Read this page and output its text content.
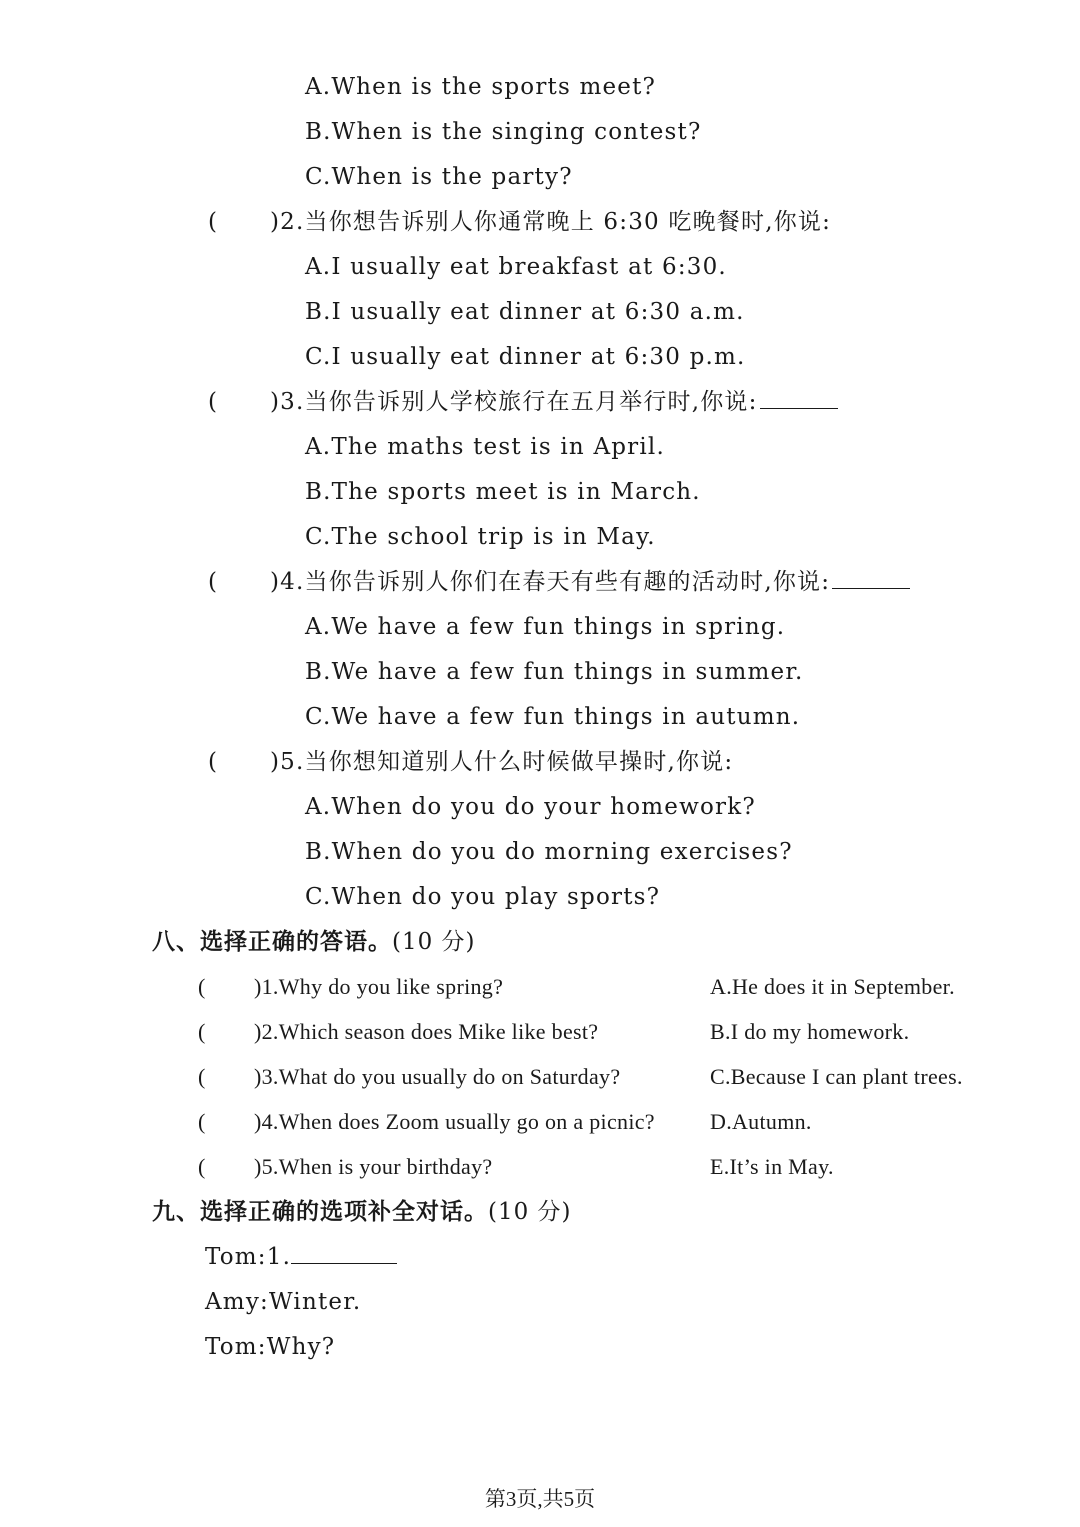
A.When is the sports meet?
B.When is the singing contest?
C.When is the party?
( )2.当你想告诉别人你通常晚上 6:30 吃晚餐时,你说:
A.I usually eat breakfast at 6:30.
B.I usually eat dinner at 6:30 a.m.
C.I usually eat dinner at 6:30 p.m.
( )3.当你告诉别人学校旅行在五月举行时,你说:
A.The maths test is in April.
B.The sports meet is in March.
C.The school trip is in May.
( )4.当你告诉别人你们在春天有些有趣的活动时,你说:
A.We have a few fun things in spring.
B.We have a few fun things in summer.
C.We have a few fun things in autumn.
( )5.当你想知道别人什么时候做早操时,你说:
A.When do you do your homework?
B.When do you do morning exercises?
C.When do you play sports?
八、选择正确的答语。(10 分)
( )1.Why do you like spring?	A.He does it in September.
( )2.Which season does Mike like best?	B.I do my homework.
( )3.What do you usually do on Saturday?	C.Because I can plant trees.
( )4.When does Zoom usually go on a picnic?	D.Autumn.
( )5.When is your birthday?	E.It’s in May.
九、选择正确的选项补全对话。(10 分)
Tom:1.
Amy:Winter.
Tom:Why?
第3页,共5页
